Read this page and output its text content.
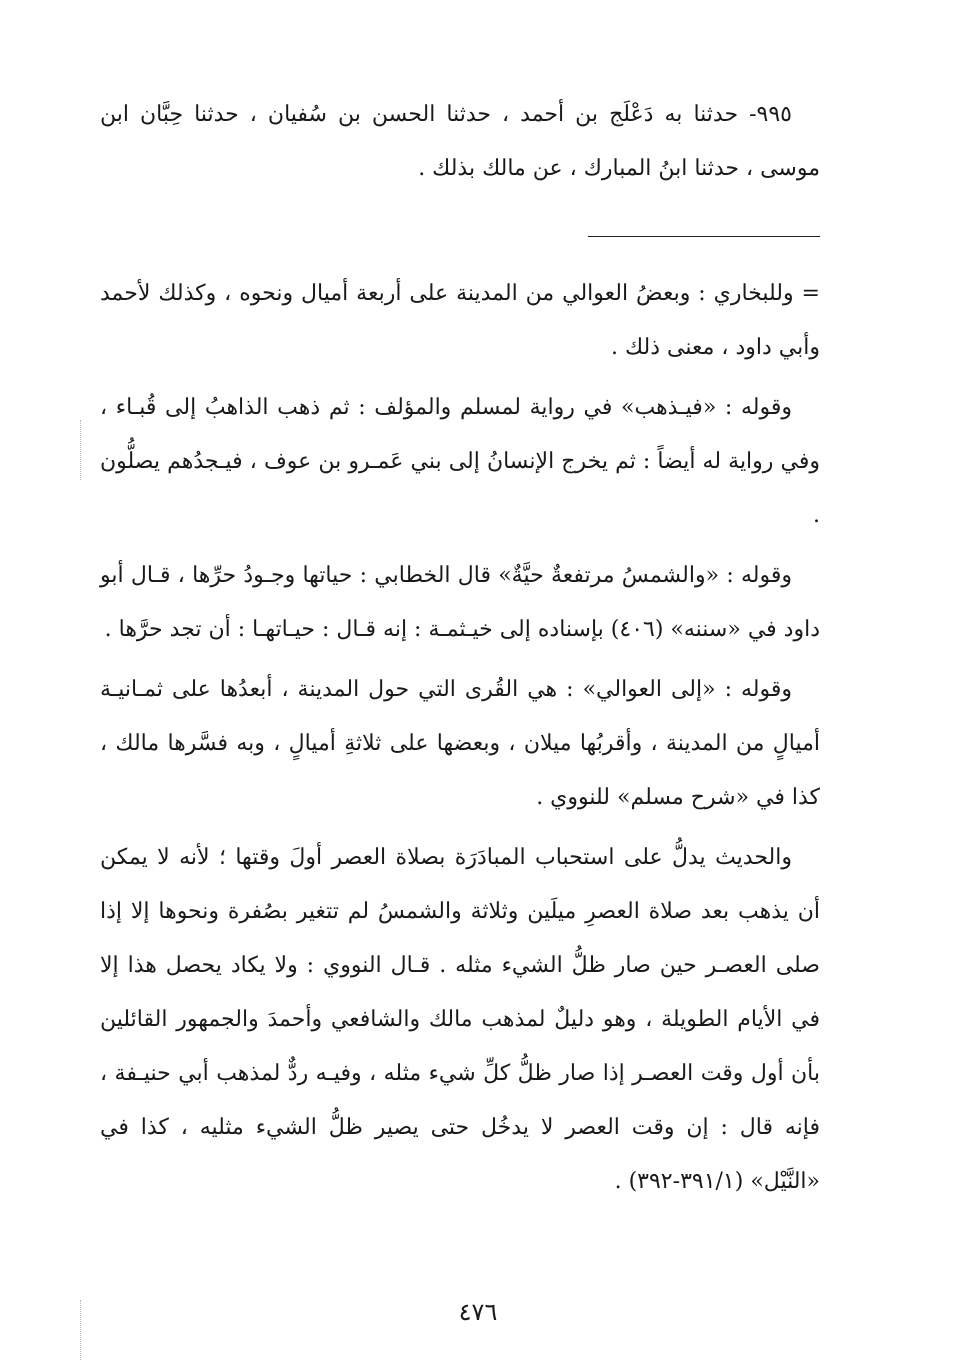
٩٩٥- حدثنا به دَعْلَج بن أحمد ، حدثنا الحسن بن سُفيان ، حدثنا حِبَّان ابن موسى ، حدثنا ابنُ المبارك ، عن مالك بذلك .

= وللبخاري : وبعضُ العوالي من المدينة على أربعة أميال ونحوه ، وكذلك لأحمد وأبي داود ، معنى ذلك .

وقوله : «فيـذهب» في رواية لمسلم والمؤلف : ثم ذهب الذاهبُ إلى قُبـاء ، وفي رواية له أيضاً : ثم يخرج الإنسانُ إلى بني عَمـرو بن عوف ، فيـجدُهم يصلُّون .

وقوله : «والشمسُ مرتفعةٌ حيَّةٌ» قال الخطابي : حياتها وجـودُ حرِّها ، قـال أبو داود في «سننه» (٤٠٦) بإسناده إلى خيـثمـة : إنه قـال : حيـاتهـا : أن تجد حرَّها .

وقوله : «إلى العوالي» : هي القُرى التي حول المدينة ، أبعدُها على ثمـانيـة أميالٍ من المدينة ، وأقربُها ميلان ، وبعضها على ثلاثةِ أميالٍ ، وبه فسَّرها مالك ، كذا في «شرح مسلم» للنووي .

والحديث يدلُّ على استحباب المبادَرَة بصلاة العصر أولَ وقتها ؛ لأنه لا يمكن أن يذهب بعد صلاة العصرِ ميلَين وثلاثة والشمسُ لم تتغير بصُفرة ونحوها إلا إذا صلى العصـر حين صار ظلُّ الشيء مثله . قـال النووي : ولا يكاد يحصل هذا إلا في الأيام الطويلة ، وهو دليلٌ لمذهب مالك والشافعي وأحمدَ والجمهور القائلين بأن أول وقت العصـر إذا صار ظلُّ كلِّ شيء مثله ، وفيـه ردٌّ لمذهب أبي حنيـفة ، فإنه قال : إن وقت العصر لا يدخُل حتى يصير ظلُّ الشيء مثليه ، كذا في «النَّيْل» (٣٩١/١-٣٩٢) .

٤٧٦
